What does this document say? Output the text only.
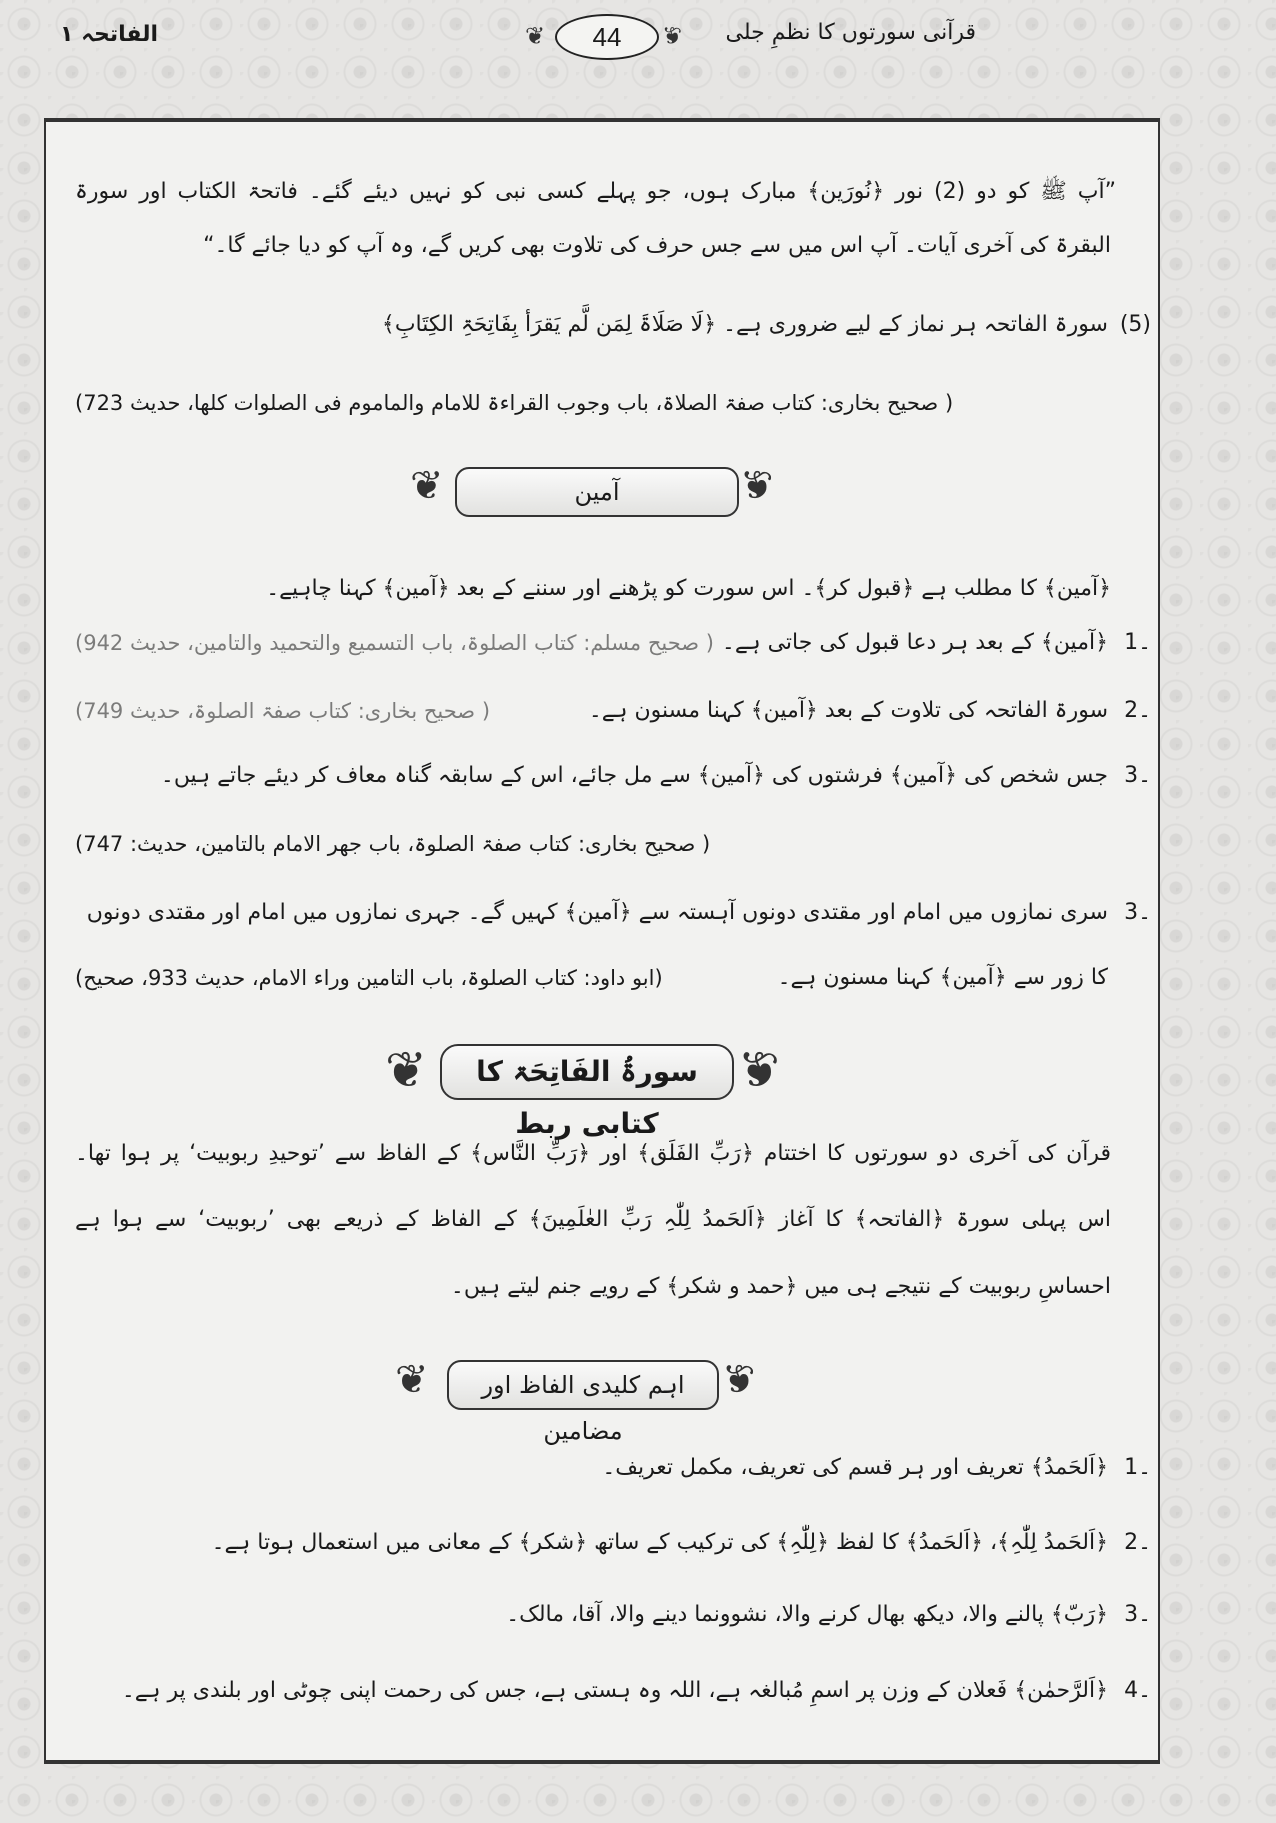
قرآنی سورتوں کا نظمِ جلی
❦	44	❦
الفاتحہ ۱
”آپ ﷺ کو دو (2) نور ﴿نُورَین﴾ مبارک ہوں، جو پہلے کسی نبی کو نہیں دیئے گئے۔ فاتحۃ الکتاب اور سورۃ
البقرۃ کی آخری آیات۔ آپ اس میں سے جس حرف کی تلاوت بھی کریں گے، وہ آپ کو دیا جائے گا۔“
(5)
سورۃ الفاتحہ ہر نماز کے لیے ضروری ہے۔ ﴿لَا صَلَاۃَ لِمَن لَّم یَقرَأ بِفَاتِحَۃِ الکِتَابِ﴾
( صحیح بخاری: کتاب صفۃ الصلاۃ، باب وجوب القراءۃ للامام والماموم فی الصلوات کلھا، حدیث 723)
❦	آمین	❦
﴿آمین﴾ کا مطلب ہے ﴿قبول کر﴾۔ اس سورت کو پڑھنے اور سننے کے بعد ﴿آمین﴾ کہنا چاہیے۔
1۔
﴿آمین﴾ کے بعد ہر دعا قبول کی جاتی ہے۔
( صحیح مسلم: کتاب الصلوۃ، باب التسمیع والتحمید والتامین، حدیث 942)
2۔
سورۃ الفاتحہ کی تلاوت کے بعد ﴿آمین﴾ کہنا مسنون ہے۔
( صحیح بخاری: کتاب صفۃ الصلوۃ، حدیث 749)
3۔
جس شخص کی ﴿آمین﴾ فرشتوں کی ﴿آمین﴾ سے مل جائے، اس کے سابقہ گناہ معاف کر دیئے جاتے ہیں۔
( صحیح بخاری: کتاب صفۃ الصلوۃ، باب جھر الامام بالتامین، حدیث: 747)
3۔
سری نمازوں میں امام اور مقتدی دونوں آہستہ سے ﴿آمین﴾ کہیں گے۔ جہری نمازوں میں امام اور مقتدی دونوں
کا زور سے ﴿آمین﴾ کہنا مسنون ہے۔
(ابو داود: کتاب الصلوۃ، باب التامین وراء الامام، حدیث 933، صحیح)
❦	سورۃُ الفَاتِحَۃ کا کتابی ربط
❦
قرآن کی آخری دو سورتوں کا اختتام ﴿رَبِّ الفَلَق﴾ اور ﴿رَبِّ النَّاس﴾ کے الفاظ سے ’توحیدِ ربوبیت‘ پر ہوا تھا۔
اس پہلی سورۃ ﴿الفاتحہ﴾ کا آغاز ﴿اَلحَمدُ لِلّٰہِ رَبِّ العٰلَمِینَ﴾ کے الفاظ کے ذریعے بھی ’ربوبیت‘ سے ہوا ہے
احساسِ ربوبیت کے نتیجے ہی میں ﴿حمد و شکر﴾ کے رویے جنم لیتے ہیں۔
❦	اہم کلیدی الفاظ اور مضامین
❦
1۔
﴿اَلحَمدُ﴾ تعریف اور ہر قسم کی تعریف، مکمل تعریف۔
2۔
﴿اَلحَمدُ لِلّٰہِ﴾، ﴿اَلحَمدُ﴾ کا لفظ ﴿لِلّٰہِ﴾ کی ترکیب کے ساتھ ﴿شکر﴾ کے معانی میں استعمال ہوتا ہے۔
3۔
﴿رَبّ﴾ پالنے والا، دیکھ بھال کرنے والا، نشوونما دینے والا، آقا، مالک۔
4۔
﴿اَلرَّحمٰن﴾ فَعلان کے وزن پر اسمِ مُبالغہ ہے، اللہ وہ ہستی ہے، جس کی رحمت اپنی چوٹی اور بلندی پر ہے۔
